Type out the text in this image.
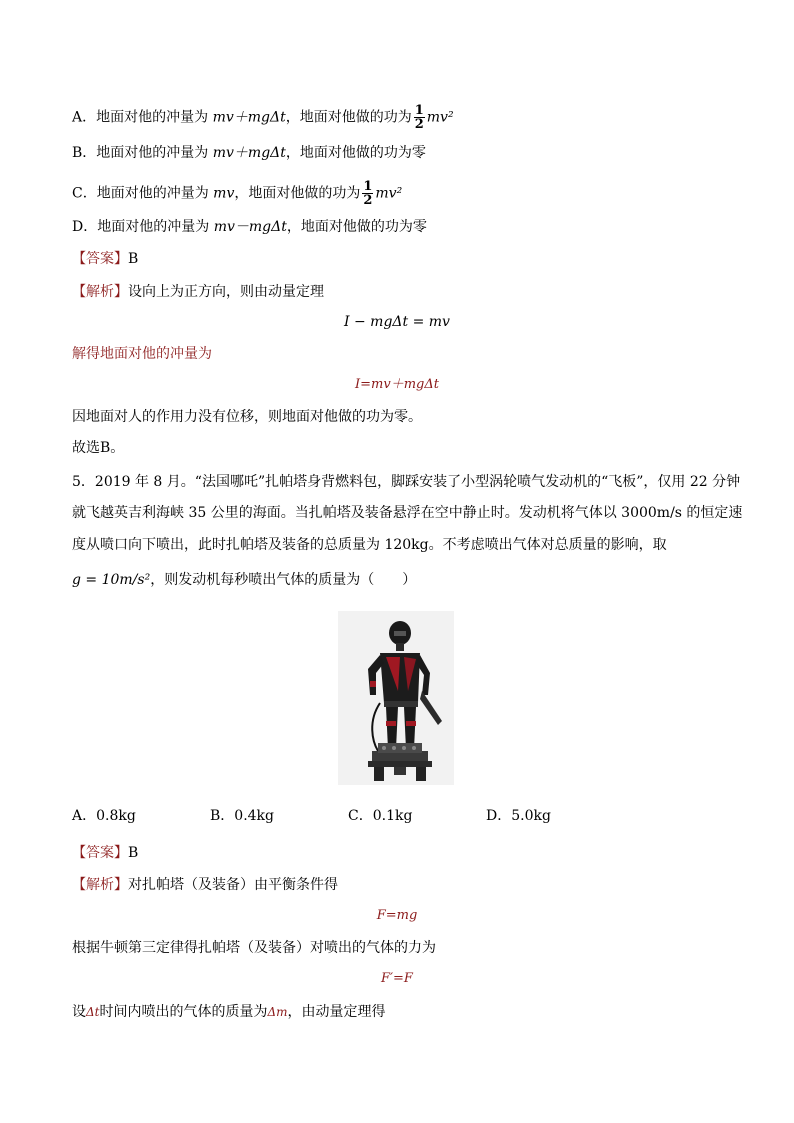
A．地面对他的冲量为 mv＋mgΔt，地面对他做的功为 $\frac{1}{2} mv^2$
B．地面对他的冲量为 mv＋mgΔt，地面对他做的功为零
C．地面对他的冲量为 mv，地面对他做的功为 $\frac{1}{2} mv^2$
D．地面对他的冲量为 mv－mgΔt，地面对他做的功为零
【答案】B
【解析】设向上为正方向，则由动量定理
I − mgΔt = mv
解得地面对他的冲量为
I=mv＋mgΔt
因地面对人的作用力没有位移，则地面对他做的功为零。
故选B。
5．2019 年 8 月。“法国哪吒”扎帕塔身背燃料包，脚踩安装了小型涡轮喷气发动机的“飞板”，仅用 22 分钟
就飞越英吉利海峡 35 公里的海面。当扎帕塔及装备悬浮在空中静止时。发动机将气体以 3000m/s 的恒定速
度从喷口向下喷出，此时扎帕塔及装备的总质量为 120kg。不考虑喷出气体对总质量的影响，取
g = 10m/s²，则发动机每秒喷出气体的质量为（　　）
A．0.8kg	B．0.4kg	C．0.1kg	D．5.0kg
【答案】B
【解析】对扎帕塔（及装备）由平衡条件得
F=mg
根据牛顿第三定律得扎帕塔（及装备）对喷出的气体的力为
F′=F
设Δt时间内喷出的气体的质量为Δm，由动量定理得
